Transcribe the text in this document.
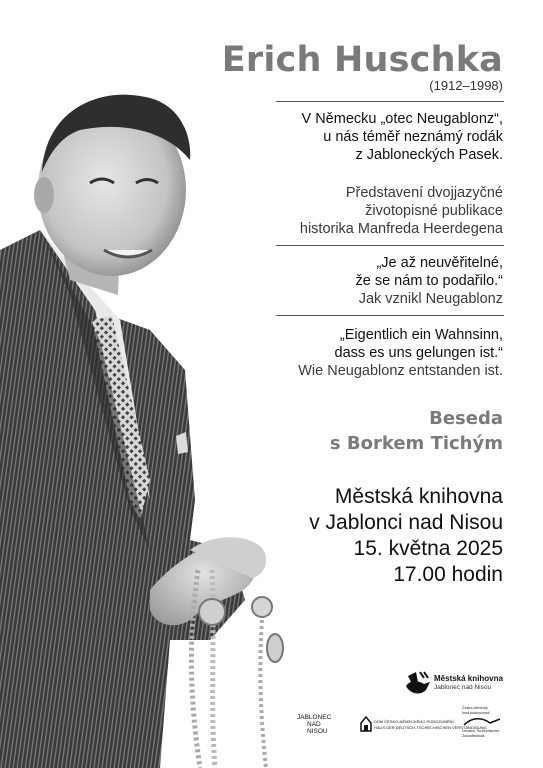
Erich Huschka
(1912–1998)
V Německu „otec Neugablonz“,
u nás téměř neznámý rodák
z Jabloneckých Pasek.
Představení dvojjazyčné
životopisné publikace
historika Manfreda Heerdegena
„Je až neuvěřitelné,
že se nám to podařilo.“
Jak vznikl Neugablonz
„Eigentlich ein Wahnsinn,
dass es uns gelungen ist.“
Wie Neugablonz entstanden ist.
Beseda
s Borkem Tichým
Městská knihovna
v Jablonci nad Nisou
15. května 2025
17.00 hodin
Městská knihovna
Jablonec nad Nisou
JABLONEC
NAD
NISOU
DŮM ČESKO-NĚMECKÉHO POROZUMĚNÍ
HAUS DER DEUTSCH-TSCHECHISCHEN VERSTÄNDIGUNG
Česko-německý
fond budoucnosti
Deutsch-Tschechischer
Zukunftsfonds
